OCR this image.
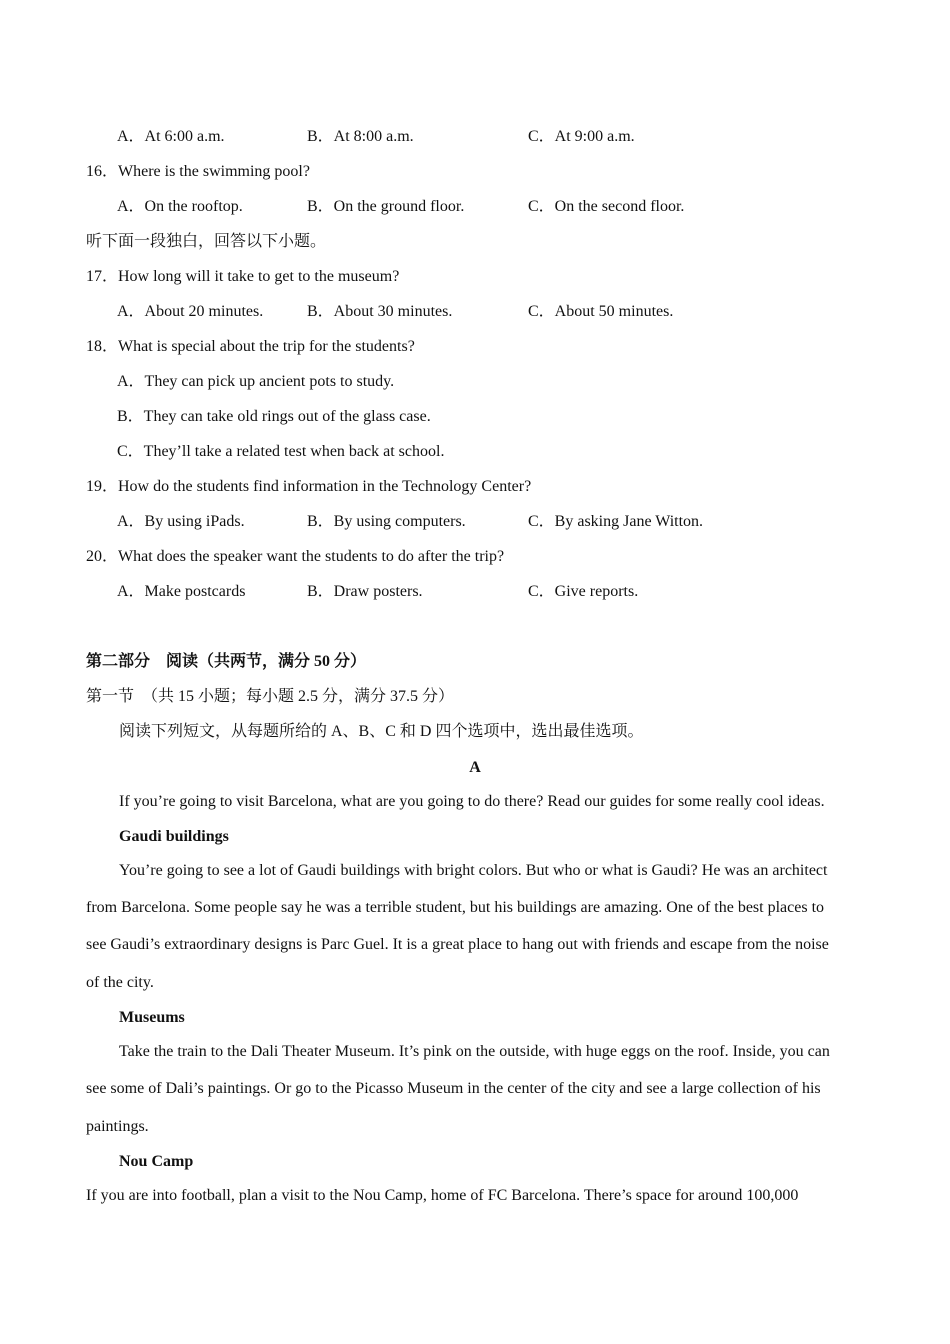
A．At 6:00 a.m.	B．At 8:00 a.m.	C．At 9:00 a.m.
16．Where is the swimming pool?
A．On the rooftop.	B．On the ground floor.	C．On the second floor.
听下面一段独白，回答以下小题。
17．How long will it take to get to the museum?
A．About 20 minutes.	B．About 30 minutes.	C．About 50 minutes.
18．What is special about the trip for the students?
A．They can pick up ancient pots to study.
B．They can take old rings out of the glass case.
C．They’ll take a related test when back at school.
19．How do the students find information in the Technology Center?
A．By using iPads.	B．By using computers.	C．By asking Jane Witton.
20．What does the speaker want the students to do after the trip?
A．Make postcards	B．Draw posters.	C．Give reports.
第二部分　阅读（共两节，满分 50 分）
第一节　（共 15 小题；每小题 2.5 分，满分 37.5 分）
阅读下列短文，从每题所给的 A、B、C 和 D 四个选项中，选出最佳选项。
A
If you’re going to visit Barcelona, what are you going to do there? Read our guides for some really cool ideas.
Gaudi buildings
You’re going to see a lot of Gaudi buildings with bright colors. But who or what is Gaudi? He was an architect
from Barcelona. Some people say he was a terrible student, but his buildings are amazing. One of the best places to
see Gaudi’s extraordinary designs is Parc Guel. It is a great place to hang out with friends and escape from the noise
of the city.
Museums
Take the train to the Dali Theater Museum. It’s pink on the outside, with huge eggs on the roof. Inside, you can
see some of Dali’s paintings. Or go to the Picasso Museum in the center of the city and see a large collection of his
paintings.
Nou Camp
If you are into football, plan a visit to the Nou Camp, home of FC Barcelona. There’s space for around 100,000
